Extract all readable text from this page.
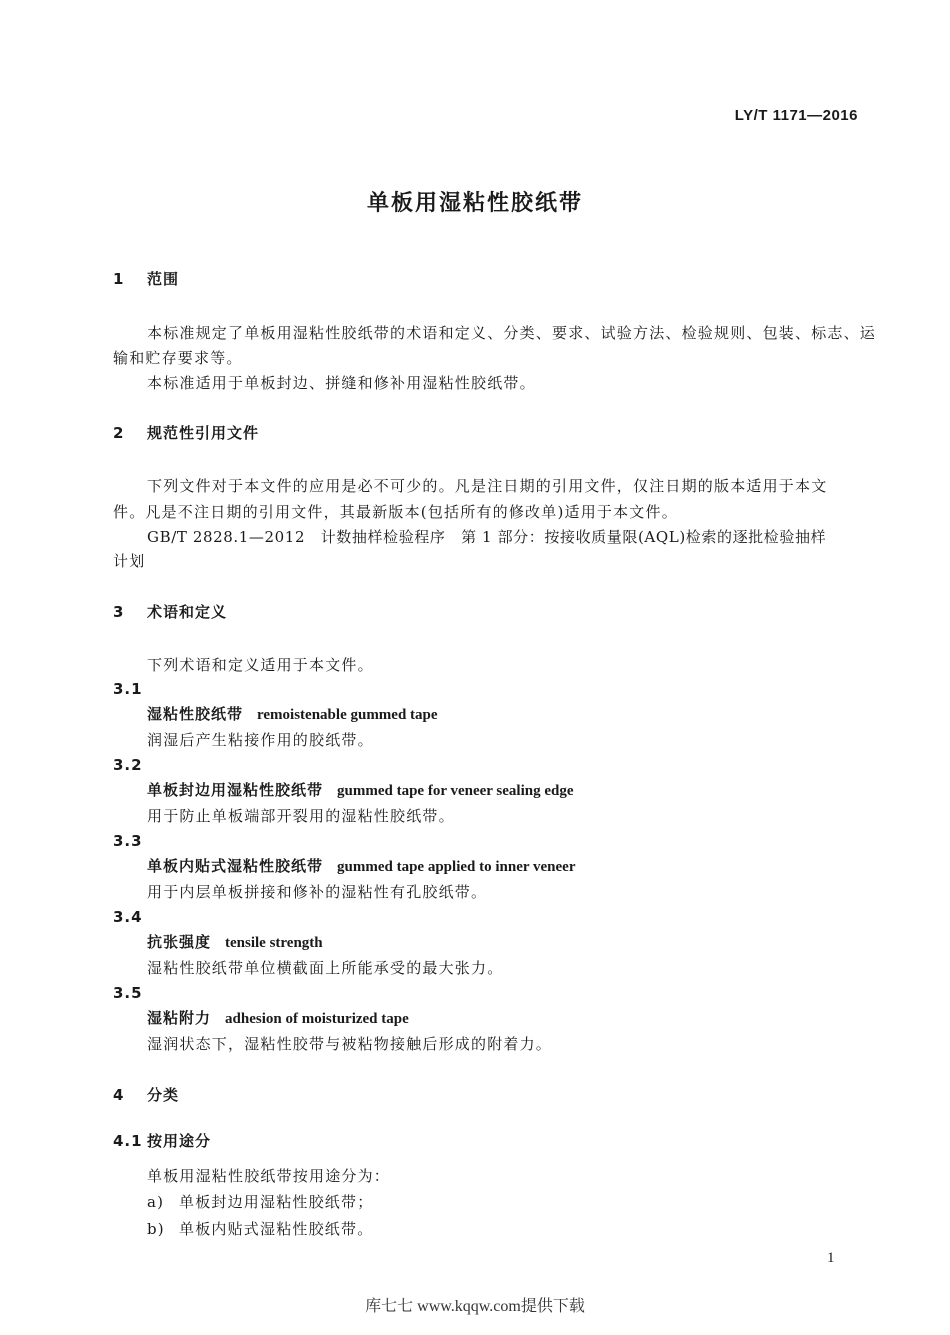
LY/T 1171—2016
单板用湿粘性胶纸带
1 范围
本标准规定了单板用湿粘性胶纸带的术语和定义、分类、要求、试验方法、检验规则、包装、标志、运
输和贮存要求等。
本标准适用于单板封边、拼缝和修补用湿粘性胶纸带。
2 规范性引用文件
下列文件对于本文件的应用是必不可少的。凡是注日期的引用文件，仅注日期的版本适用于本文
件。凡是不注日期的引用文件，其最新版本(包括所有的修改单)适用于本文件。
GB/T 2828.1—2012　计数抽样检验程序　第 1 部分：按接收质量限(AQL)检索的逐批检验抽样
计划
3 术语和定义
下列术语和定义适用于本文件。
3.1
湿粘性胶纸带 remoistenable gummed tape
润湿后产生粘接作用的胶纸带。
3.2
单板封边用湿粘性胶纸带 gummed tape for veneer sealing edge
用于防止单板端部开裂用的湿粘性胶纸带。
3.3
单板内贴式湿粘性胶纸带 gummed tape applied to inner veneer
用于内层单板拼接和修补的湿粘性有孔胶纸带。
3.4
抗张强度 tensile strength
湿粘性胶纸带单位横截面上所能承受的最大张力。
3.5
湿粘附力 adhesion of moisturized tape
湿润状态下，湿粘性胶带与被粘物接触后形成的附着力。
4 分类
4.1 按用途分
单板用湿粘性胶纸带按用途分为：
a) 单板封边用湿粘性胶纸带；
b) 单板内贴式湿粘性胶纸带。
1
库七七 www.kqqw.com提供下载
